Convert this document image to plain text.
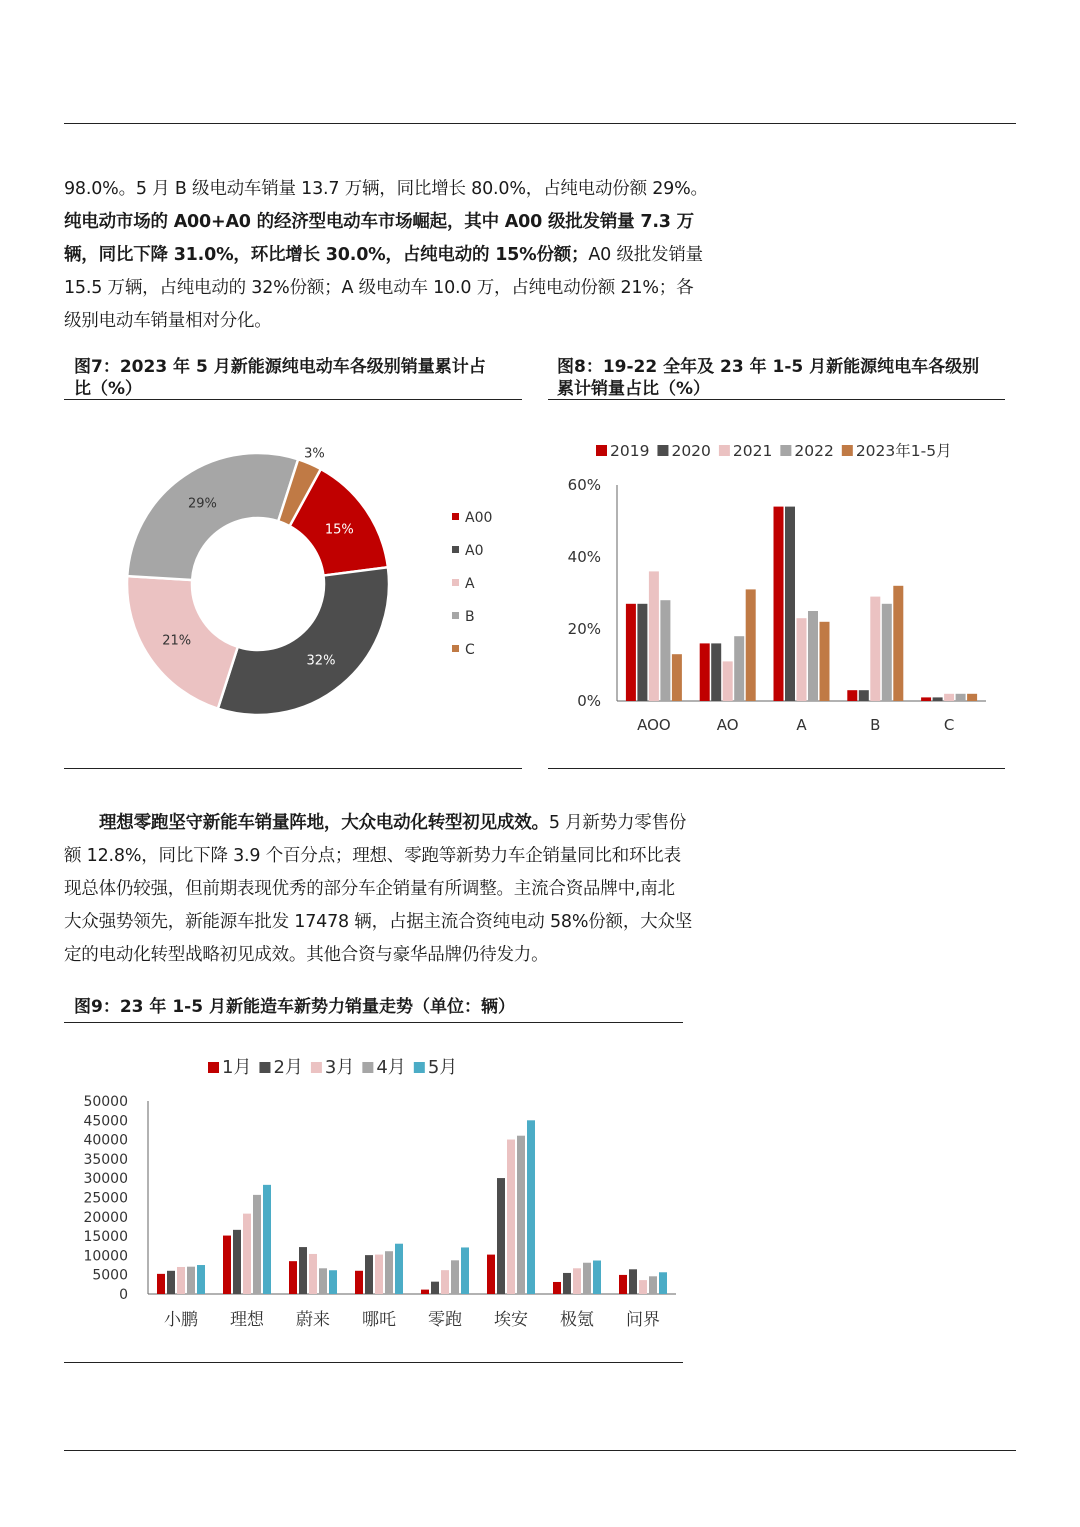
98.0%。5 月 B 级电动车销量 13.7 万辆，同比增长 80.0%，占纯电动份额 29%。
纯电动市场的 A00+A0 的经济型电动车市场崛起，其中 A00 级批发销量 7.3 万
辆，同比下降 31.0%，环比增长 30.0%，占纯电动的 15%份额；A0 级批发销量
15.5 万辆，占纯电动的 32%份额；A 级电动车 10.0 万，占纯电动份额 21%；各
级别电动车销量相对分化。
图7：2023 年 5 月新能源纯电动车各级别销量累计占
比（%）
图8：19-22 全年及 23 年 1-5 月新能源纯电车各级别
累计销量占比（%）
15%
32%
21%
29%
3%
A00
A0
A
B
C
2019 2020 2021 2022 2023年1-5月
0%
20%
40%
60%
AOO	AO	A	B	C
理想零跑坚守新能车销量阵地，大众电动化转型初见成效。5 月新势力零售份
额 12.8%，同比下降 3.9 个百分点；理想、零跑等新势力车企销量同比和环比表
现总体仍较强，但前期表现优秀的部分车企销量有所调整。主流合资品牌中,南北
大众强势领先，新能源车批发 17478 辆，占据主流合资纯电动 58%份额，大众坚
定的电动化转型战略初见成效。其他合资与豪华品牌仍待发力。
图9：23 年 1-5 月新能造车新势力销量走势（单位：辆）
1月 2月 3月 4月 5月
0
5000
10000
15000
20000
25000
30000
35000
40000
45000
50000
小鹏 理想 蔚来 哪吒 零跑 埃安 极氪 问界
